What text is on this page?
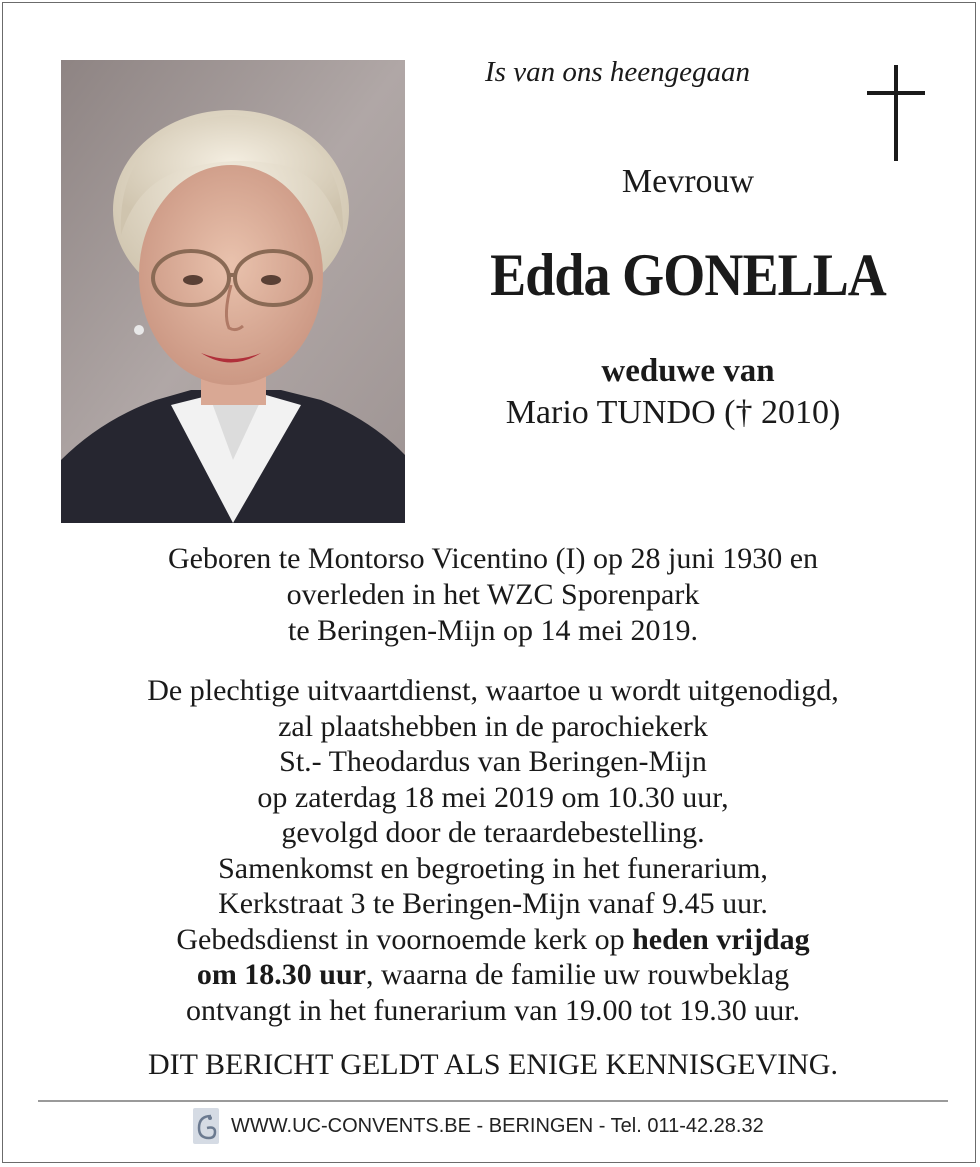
Is van ons heengegaan
Mevrouw
Edda GONELLA
weduwe van
Mario TUNDO († 2010)
Geboren te Montorso Vicentino (I) op 28 juni 1930 en
overleden in het WZC Sporenpark
te Beringen-Mijn op 14 mei 2019.
De plechtige uitvaartdienst, waartoe u wordt uitgenodigd,
zal plaatshebben in de parochiekerk
St.- Theodardus van Beringen-Mijn
op zaterdag 18 mei 2019 om 10.30 uur,
gevolgd door de teraardebestelling.
Samenkomst en begroeting in het funerarium,
Kerkstraat 3 te Beringen-Mijn vanaf 9.45 uur.
Gebedsdienst in voornoemde kerk op heden vrijdag
om 18.30 uur, waarna de familie uw rouwbeklag
ontvangt in het funerarium van 19.00 tot 19.30 uur.
DIT BERICHT GELDT ALS ENIGE KENNISGEVING.
WWW.UC-CONVENTS.BE - BERINGEN - Tel. 011-42.28.32
